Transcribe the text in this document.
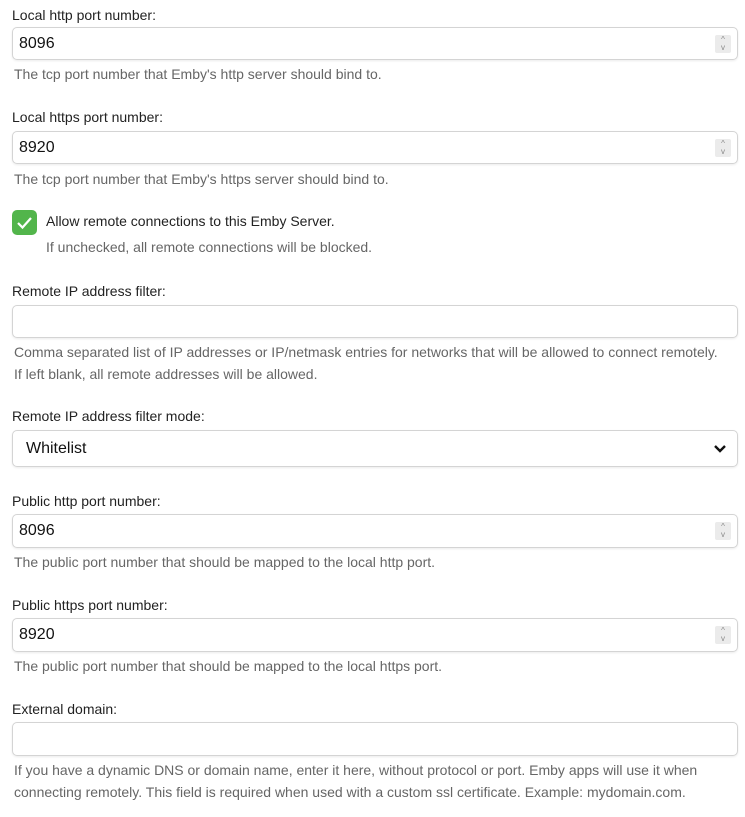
Local http port number:
8096	^
v
The tcp port number that Emby's http server should bind to.
Local https port number:
8920	^
v
The tcp port number that Emby's https server should bind to.
Allow remote connections to this Emby Server.
If unchecked, all remote connections will be blocked.
Remote IP address filter:
Comma separated list of IP addresses or IP/netmask entries for networks that will be allowed to connect remotely. If left blank, all remote addresses will be allowed.
Remote IP address filter mode:
Whitelist
Public http port number:
8096	^
v
The public port number that should be mapped to the local http port.
Public https port number:
8920	^
v
The public port number that should be mapped to the local https port.
External domain:
If you have a dynamic DNS or domain name, enter it here, without protocol or port. Emby apps will use it when connecting remotely. This field is required when used with a custom ssl certificate. Example: mydomain.com.
